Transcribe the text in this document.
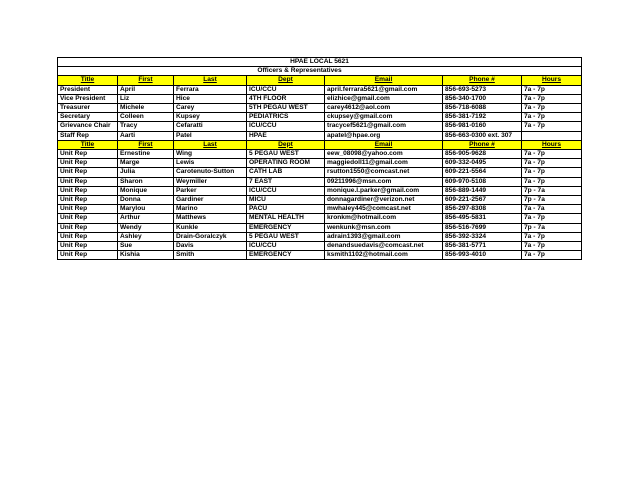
HPAE LOCAL 5621						
Officers & Representatives						
Title	First	Last	Dept	Email	Phone #	Hours
President	April	Ferrara	ICU/CCU	april.ferrara5621@gmail.com	856-693-5273	7a - 7p
Vice President	Liz	Hice	4TH FLOOR	elizhice@gmail.com	856-340-1700	7a - 7p
Treasurer	Michele	Carey	5TH PEGAU WEST	carey4612@aol.com	856-718-6088	7a - 7p
Secretary	Colleen	Kupsey	PEDIATRICS	ckupsey@gmail.com	856-381-7192	7a - 7p
Grievance Chair	Tracy	Cefaratti	ICU/CCU	tracycef5621@gmail.com	856-981-0160	7a - 7p
Staff Rep	Aarti	Patel	HPAE	apatel@hpae.org	856-663-0300 ext. 307	
Title	First	Last	Dept	Email	Phone #	Hours
Unit Rep	Ernestine	Wing	5 PEGAU WEST	eew_08098@yahoo.com	856-905-9628	7a - 7p
Unit Rep	Marge	Lewis	OPERATING ROOM	maggiedoll11@gmail.com	609-332-0495	7a - 7p
Unit Rep	Julia	Carotenuto-Sutton	CATH LAB	rsutton1550@comcast.net	609-221-5564	7a - 7p
Unit Rep	Sharon	Weymiller	7 EAST	09211996@msn.com	609-970-5108	7a - 7p
Unit Rep	Monique	Parker	ICU/CCU	monique.l.parker@gmail.com	856-889-1449	7p - 7a
Unit Rep	Donna	Gardiner	MICU	donnagardiner@verizon.net	609-221-2567	7p - 7a
Unit Rep	Marylou	Marino	PACU	mwhaley445@comcast.net	856-297-8308	7a - 7a
Unit Rep	Arthur	Matthews	MENTAL HEALTH	kronkm@hotmail.com	856-495-5831	7a - 7p
Unit Rep	Wendy	Kunkle	EMERGENCY	wenkunk@msn.com	856-516-7699	7p - 7a
Unit Rep	Ashley	Drain-Goralczyk	5 PEGAU WEST	adrain1393@gmail.com	856-392-3324	7a - 7p
Unit Rep	Sue	Davis	ICU/CCU	denandsuedavis@comcast.net	856-381-5771	7a - 7p
Unit Rep	Kishia	Smith	EMERGENCY	ksmith1102@hotmail.com	856-993-4010	7a - 7p
